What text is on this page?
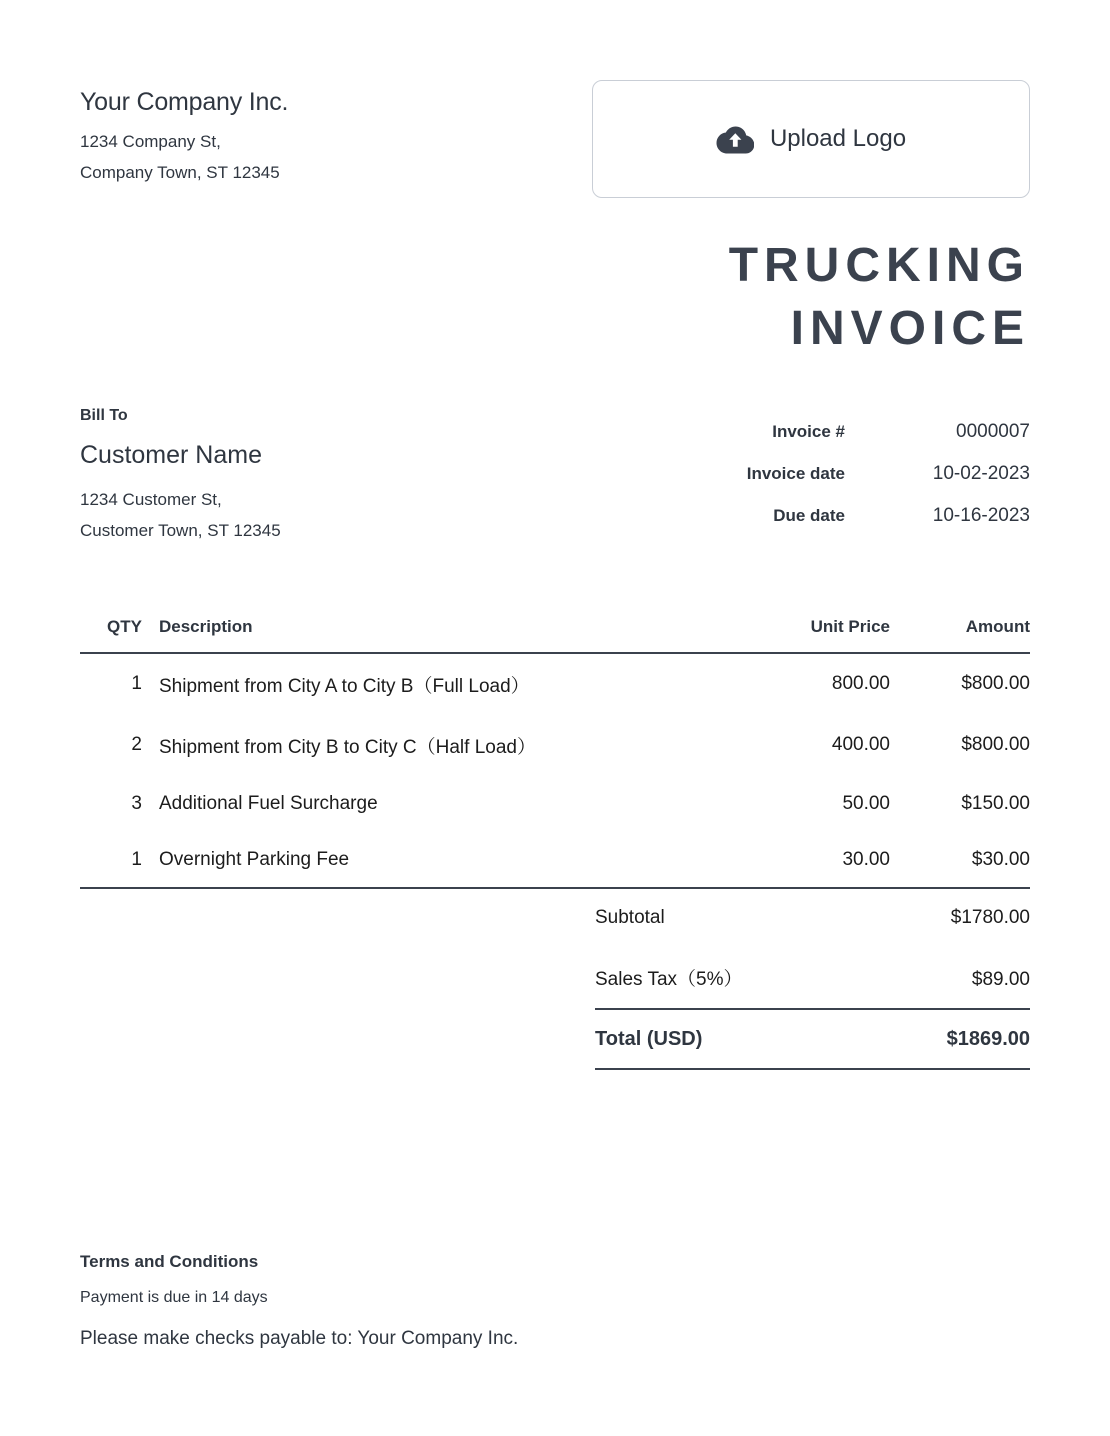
Your Company Inc.
1234 Company St,
Company Town, ST 12345
Upload Logo
TRUCKING
INVOICE
Bill To
Customer Name
1234 Customer St,
Customer Town, ST 12345
Invoice #	0000007
Invoice date	10-02-2023
Due date	10-16-2023
QTY	Description	Unit Price	Amount
1	Shipment from City A to City B（Full Load）	800.00	$800.00
2	Shipment from City B to City C（Half Load）	400.00	$800.00
3	Additional Fuel Surcharge	50.00	$150.00
1	Overnight Parking Fee	30.00	$30.00
Subtotal	$1780.00
Sales Tax（5%）	$89.00
Total (USD)	$1869.00
Terms and Conditions
Payment is due in 14 days
Please make checks payable to: Your Company Inc.
